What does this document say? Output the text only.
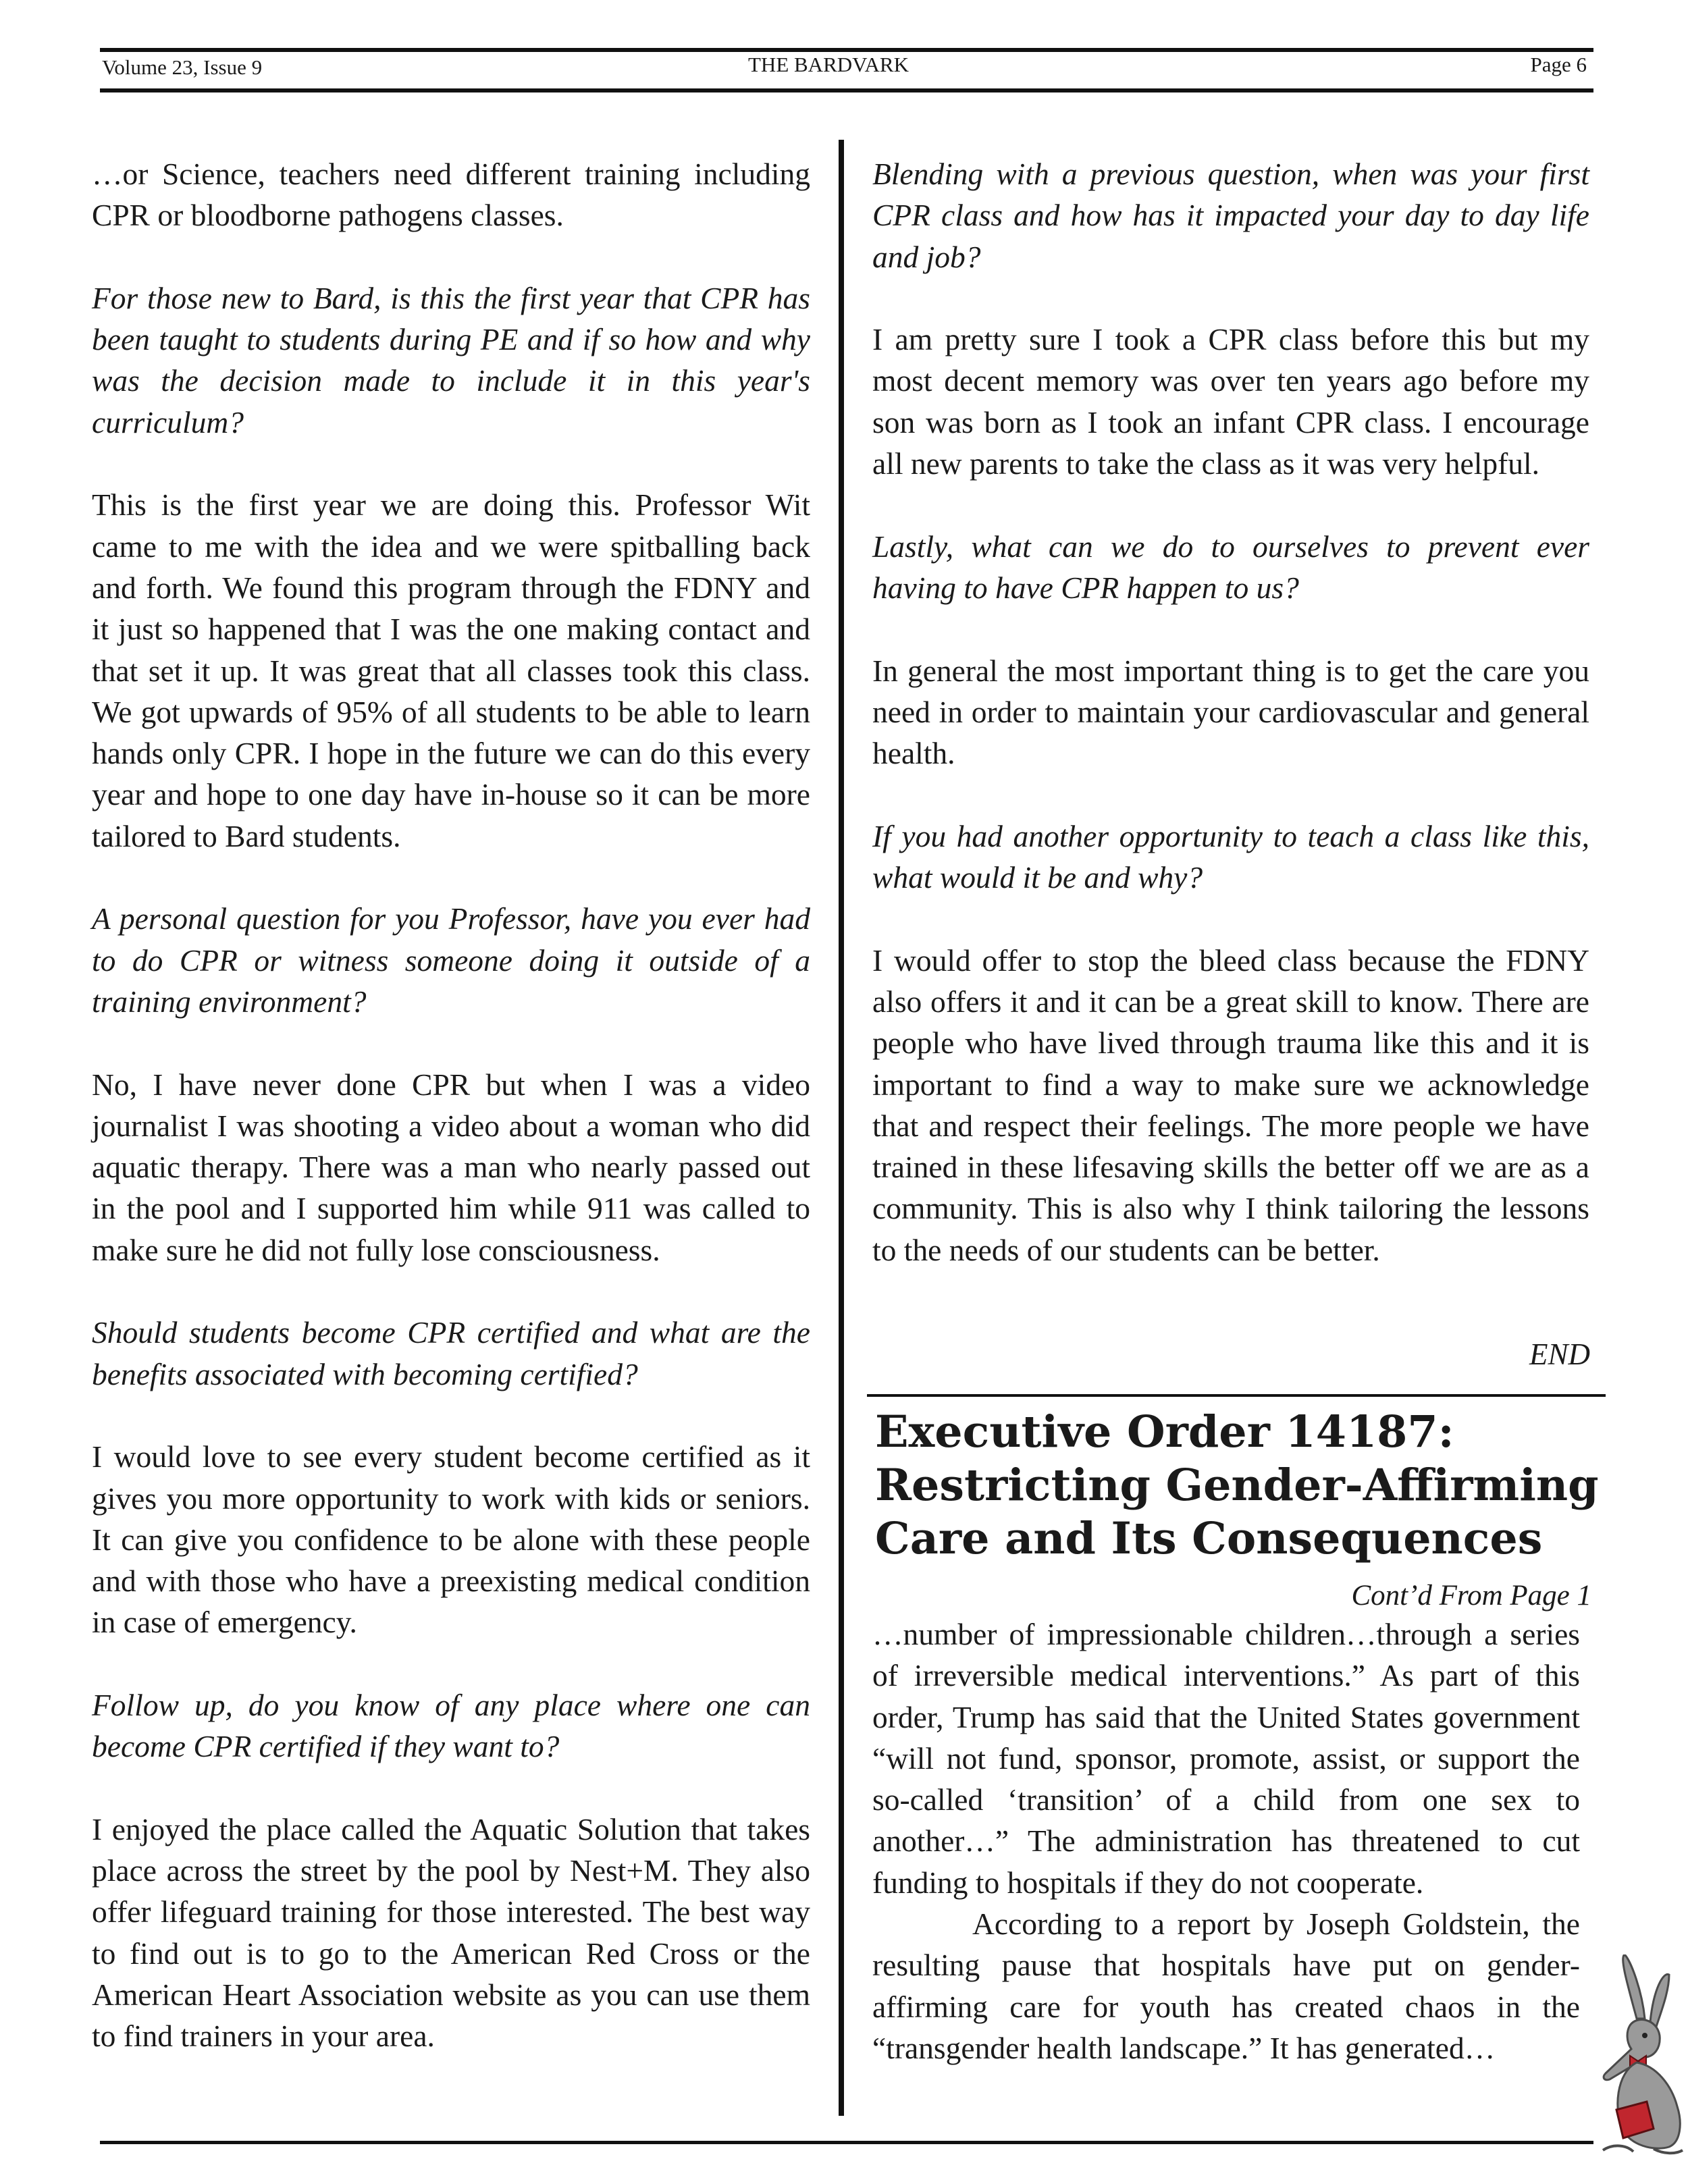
Volume 23, Issue 9	THE BARDVARK	Page 6

…or Science, teachers need different training including CPR or bloodborne pathogens classes.

For those new to Bard, is this the first year that CPR has been taught to students during PE and if so how and why was the decision made to include it in this year's curriculum?

This is the first year we are doing this. Professor Wit came to me with the idea and we were spitballing back and forth. We found this program through the FDNY and it just so happened that I was the one making contact and that set it up. It was great that all classes took this class. We got upwards of 95% of all students to be able to learn hands only CPR. I hope in the future we can do this every year and hope to one day have in-house so it can be more tailored to Bard students.

A personal question for you Professor, have you ever had to do CPR or witness someone doing it outside of a training environment?

No, I have never done CPR but when I was a video journalist I was shooting a video about a woman who did aquatic therapy. There was a man who nearly passed out in the pool and I supported him while 911 was called to make sure he did not fully lose consciousness.

Should students become CPR certified and what are the benefits associated with becoming certified?

I would love to see every student become certified as it gives you more opportunity to work with kids or seniors. It can give you confidence to be alone with these people and with those who have a preexisting medical condition in case of emergency.

Follow up, do you know of any place where one can become CPR certified if they want to?

I enjoyed the place called the Aquatic Solution that takes place across the street by the pool by Nest+M. They also offer lifeguard training for those interested. The best way to find out is to go to the American Red Cross or the American Heart Association website as you can use them to find trainers in your area.

Blending with a previous question, when was your first CPR class and how has it impacted your day to day life and job?

I am pretty sure I took a CPR class before this but my most decent memory was over ten years ago before my son was born as I took an infant CPR class. I encourage all new parents to take the class as it was very helpful.

Lastly, what can we do to ourselves to prevent ever having to have CPR happen to us?

In general the most important thing is to get the care you need in order to maintain your cardiovascular and general health.

If you had another opportunity to teach a class like this, what would it be and why?

I would offer to stop the bleed class because the FDNY also offers it and it can be a great skill to know. There are people who have lived through trauma like this and it is important to find a way to make sure we acknowledge that and respect their feelings. The more people we have trained in these lifesaving skills the better off we are as a community. This is also why I think tailoring the lessons to the needs of our students can be better.

END
Executive Order 14187: Restricting Gender-Affirming Care and Its Consequences
Cont’d From Page 1

…number of impressionable children…through a series of irreversible medical interventions.” As part of this order, Trump has said that the United States government “will not fund, sponsor, promote, assist, or support the so-called ‘transition’ of a child from one sex to another…” The administration has threatened to cut funding to hospitals if they do not cooperate.

According to a report by Joseph Goldstein, the resulting pause that hospitals have put on gender-affirming care for youth has created chaos in the “transgender health landscape.” It has generated…
